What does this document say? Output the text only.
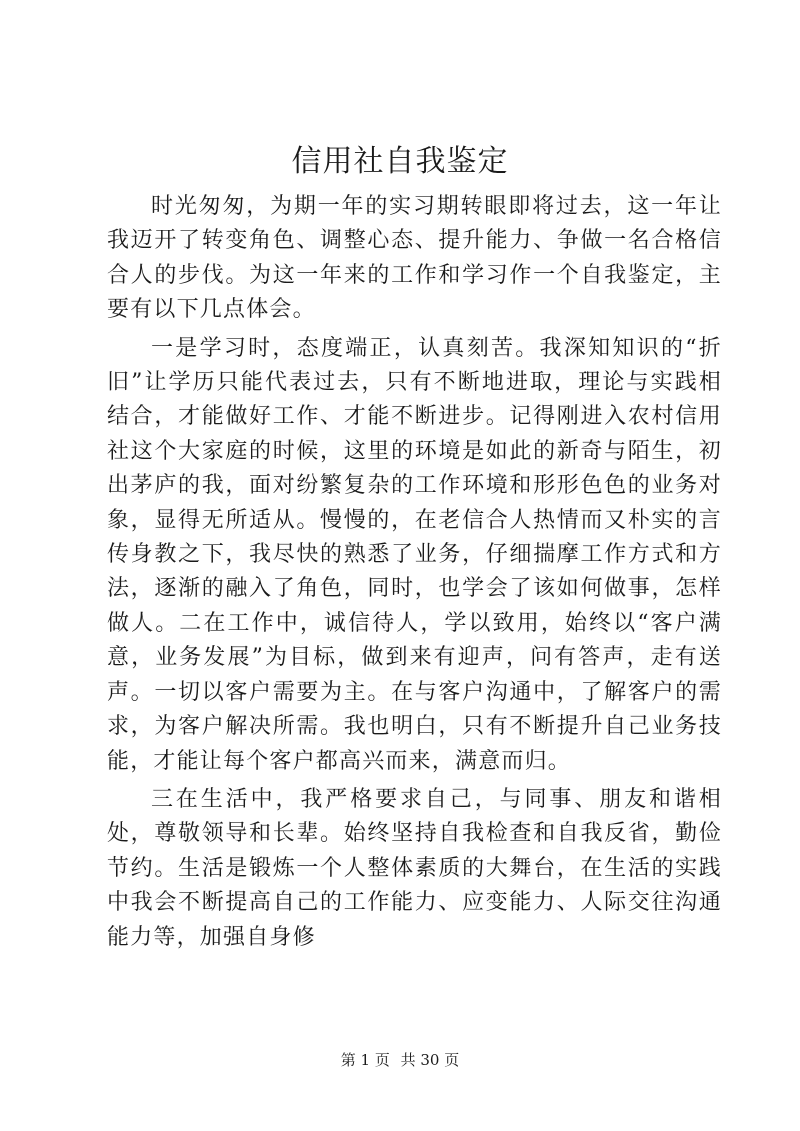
信用社自我鉴定

时光匆匆，为期一年的实习期转眼即将过去，这一年让我迈开了转变角色、调整心态、提升能力、争做一名合格信合人的步伐。为这一年来的工作和学习作一个自我鉴定，主要有以下几点体会。

一是学习时，态度端正，认真刻苦。我深知知识的“折旧”让学历只能代表过去，只有不断地进取，理论与实践相结合，才能做好工作、才能不断进步。记得刚进入农村信用社这个大家庭的时候，这里的环境是如此的新奇与陌生，初出茅庐的我，面对纷繁复杂的工作环境和形形色色的业务对象，显得无所适从。慢慢的，在老信合人热情而又朴实的言传身教之下，我尽快的熟悉了业务，仔细揣摩工作方式和方法，逐渐的融入了角色，同时，也学会了该如何做事，怎样做人。二在工作中，诚信待人，学以致用，始终以“客户满意，业务发展”为目标，做到来有迎声，问有答声，走有送声。一切以客户需要为主。在与客户沟通中，了解客户的需求，为客户解决所需。我也明白，只有不断提升自己业务技能，才能让每个客户都高兴而来，满意而归。

三在生活中，我严格要求自己，与同事、朋友和谐相处，尊敬领导和长辈。始终坚持自我检查和自我反省，勤俭节约。生活是锻炼一个人整体素质的大舞台，在生活的实践中我会不断提高自己的工作能力、应变能力、人际交往沟通能力等，加强自身修

第 1 页 共 30 页
